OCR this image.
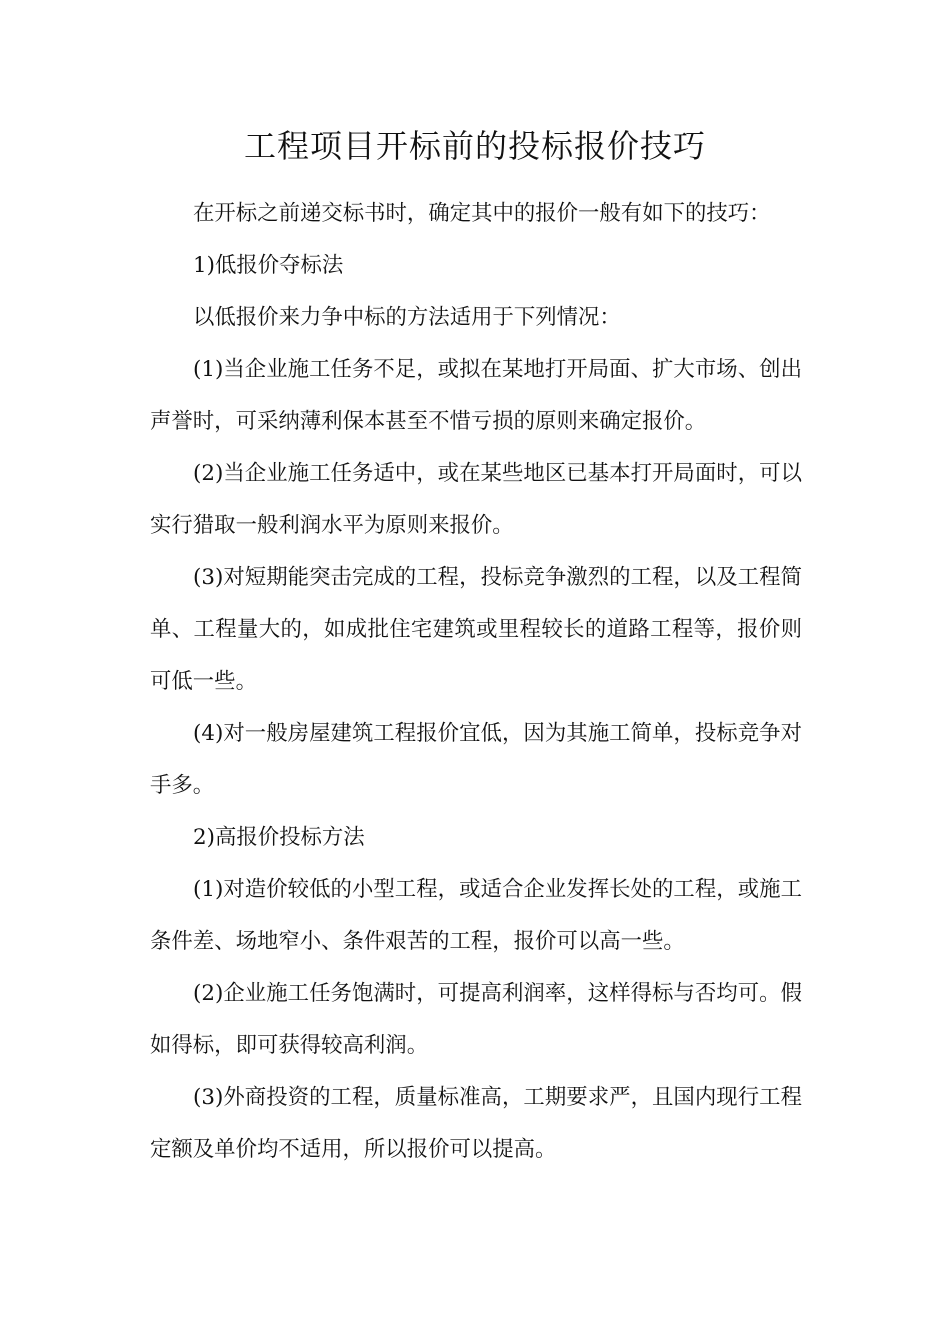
工程项目开标前的投标报价技巧

在开标之前递交标书时，确定其中的报价一般有如下的技巧：

1)低报价夺标法

以低报价来力争中标的方法适用于下列情况：

(1)当企业施工任务不足，或拟在某地打开局面、扩大市场、创出声誉时，可采纳薄利保本甚至不惜亏损的原则来确定报价。

(2)当企业施工任务适中，或在某些地区已基本打开局面时，可以实行猎取一般利润水平为原则来报价。

(3)对短期能突击完成的工程，投标竞争激烈的工程，以及工程简单、工程量大的，如成批住宅建筑或里程较长的道路工程等，报价则可低一些。

(4)对一般房屋建筑工程报价宜低，因为其施工简单，投标竞争对手多。

2)高报价投标方法

(1)对造价较低的小型工程，或适合企业发挥长处的工程，或施工条件差、场地窄小、条件艰苦的工程，报价可以高一些。

(2)企业施工任务饱满时，可提高利润率，这样得标与否均可。假如得标，即可获得较高利润。

(3)外商投资的工程，质量标准高，工期要求严，且国内现行工程定额及单价均不适用，所以报价可以提高。
